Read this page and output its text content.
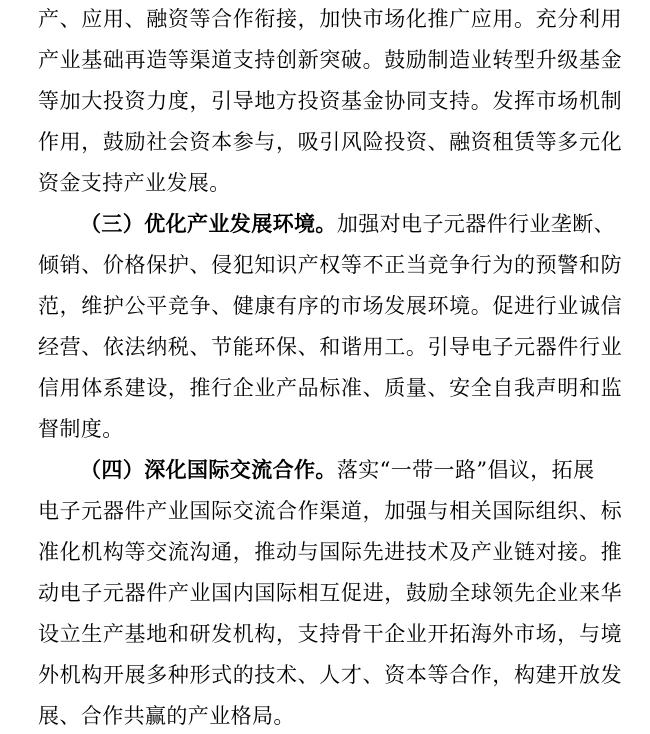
产、应用、融资等合作衔接，加快市场化推广应用。充分利用
产业基础再造等渠道支持创新突破。鼓励制造业转型升级基金
等加大投资力度，引导地方投资基金协同支持。发挥市场机制
作用，鼓励社会资本参与，吸引风险投资、融资租赁等多元化
资金支持产业发展。
（三）优化产业发展环境。加强对电子元器件行业垄断、
倾销、价格保护、侵犯知识产权等不正当竞争行为的预警和防
范，维护公平竞争、健康有序的市场发展环境。促进行业诚信
经营、依法纳税、节能环保、和谐用工。引导电子元器件行业
信用体系建设，推行企业产品标准、质量、安全自我声明和监
督制度。
（四）深化国际交流合作。落实“一带一路”倡议，拓展
电子元器件产业国际交流合作渠道，加强与相关国际组织、标
准化机构等交流沟通，推动与国际先进技术及产业链对接。推
动电子元器件产业国内国际相互促进，鼓励全球领先企业来华
设立生产基地和研发机构，支持骨干企业开拓海外市场，与境
外机构开展多种形式的技术、人才、资本等合作，构建开放发
展、合作共赢的产业格局。
